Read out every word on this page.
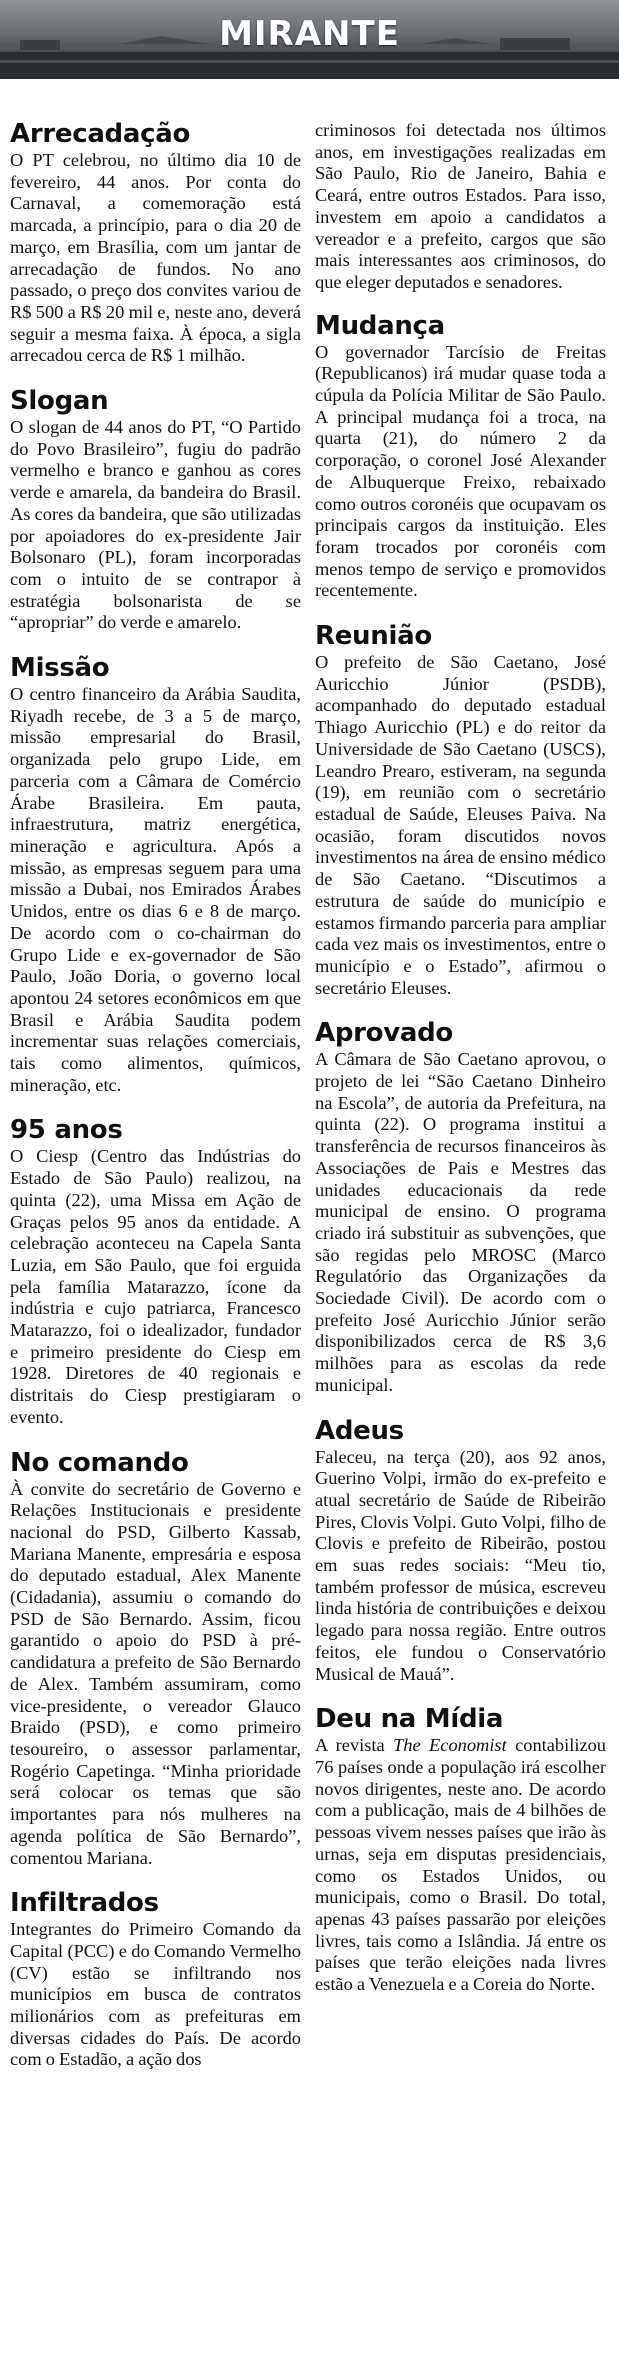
MIRANTE
Arrecadação

O PT celebrou, no último dia 10 de fevereiro, 44 anos. Por conta do Carnaval, a comemoração está marcada, a princípio, para o dia 20 de março, em Brasília, com um jantar de arrecadação de fundos. No ano passado, o preço dos convites variou de R$ 500 a R$ 20 mil e, neste ano, deverá seguir a mesma faixa. À época, a sigla arrecadou cerca de R$ 1 milhão.

Slogan

O slogan de 44 anos do PT, “O Partido do Povo Brasileiro”, fugiu do padrão vermelho e branco e ganhou as cores verde e amarela, da bandeira do Brasil. As cores da bandeira, que são utilizadas por apoiadores do ex-presidente Jair Bolsonaro (PL), foram incorporadas com o intuito de se contrapor à estratégia bolsonarista de se “apropriar” do verde e amarelo.

Missão

O centro financeiro da Arábia Saudita, Riyadh recebe, de 3 a 5 de março, missão empresarial do Brasil, organizada pelo grupo Lide, em parceria com a Câmara de Comércio Árabe Brasileira. Em pauta, infraestrutura, matriz energética, mineração e agricultura. Após a missão, as empresas seguem para uma missão a Dubai, nos Emirados Árabes Unidos, entre os dias 6 e 8 de março. De acordo com o co-chairman do Grupo Lide e ex-governador de São Paulo, João Doria, o governo local apontou 24 setores econômicos em que Brasil e Arábia Saudita podem incrementar suas relações comerciais, tais como alimentos, químicos, mineração, etc.

95 anos

O Ciesp (Centro das Indústrias do Estado de São Paulo) realizou, na quinta (22), uma Missa em Ação de Graças pelos 95 anos da entidade. A celebração aconteceu na Capela Santa Luzia, em São Paulo, que foi erguida pela família Matarazzo, ícone da indústria e cujo patriarca, Francesco Matarazzo, foi o idealizador, fundador e primeiro presidente do Ciesp em 1928. Diretores de 40 regionais e distritais do Ciesp prestigiaram o evento.

No comando

À convite do secretário de Governo e Relações Institucionais e presidente nacional do PSD, Gilberto Kassab, Mariana Manente, empresária e esposa do deputado estadual, Alex Manente (Cidadania), assumiu o comando do PSD de São Bernardo. Assim, ficou garantido o apoio do PSD à pré-candidatura a prefeito de São Bernardo de Alex. Também assumiram, como vice-presidente, o vereador Glauco Braido (PSD), e como primeiro tesoureiro, o assessor parlamentar, Rogério Capetinga. “Minha prioridade será colocar os temas que são importantes para nós mulheres na agenda política de São Bernardo”, comentou Mariana.

Infiltrados

Integrantes do Primeiro Comando da Capital (PCC) e do Comando Vermelho (CV) estão se infiltrando nos municípios em busca de contratos milionários com as prefeituras em diversas cidades do País. De acordo com o Estadão, a ação dos

criminosos foi detectada nos últimos anos, em investigações realizadas em São Paulo, Rio de Janeiro, Bahia e Ceará, entre outros Estados. Para isso, investem em apoio a candidatos a vereador e a prefeito, cargos que são mais interessantes aos criminosos, do que eleger deputados e senadores.

Mudança

O governador Tarcísio de Freitas (Republicanos) irá mudar quase toda a cúpula da Polícia Militar de São Paulo. A principal mudança foi a troca, na quarta (21), do número 2 da corporação, o coronel José Alexander de Albuquerque Freixo, rebaixado como outros coronéis que ocupavam os principais cargos da instituição. Eles foram trocados por coronéis com menos tempo de serviço e promovidos recentemente.

Reunião

O prefeito de São Caetano, José Auricchio Júnior (PSDB), acompanhado do deputado estadual Thiago Auricchio (PL) e do reitor da Universidade de São Caetano (USCS), Leandro Prearo, estiveram, na segunda (19), em reunião com o secretário estadual de Saúde, Eleuses Paiva. Na ocasião, foram discutidos novos investimentos na área de ensino médico de São Caetano. “Discutimos a estrutura de saúde do município e estamos firmando parceria para ampliar cada vez mais os investimentos, entre o município e o Estado”, afirmou o secretário Eleuses.

Aprovado

A Câmara de São Caetano aprovou, o projeto de lei “São Caetano Dinheiro na Escola”, de autoria da Prefeitura, na quinta (22). O programa institui a transferência de recursos financeiros às Associações de Pais e Mestres das unidades educacionais da rede municipal de ensino. O programa criado irá substituir as subvenções, que são regidas pelo MROSC (Marco Regulatório das Organizações da Sociedade Civil). De acordo com o prefeito José Auricchio Júnior serão disponibilizados cerca de R$ 3,6 milhões para as escolas da rede municipal.

Adeus

Faleceu, na terça (20), aos 92 anos, Guerino Volpi, irmão do ex-prefeito e atual secretário de Saúde de Ribeirão Pires, Clovis Volpi. Guto Volpi, filho de Clovis e prefeito de Ribeirão, postou em suas redes sociais: “Meu tio, também professor de música, escreveu linda história de contribuições e deixou legado para nossa região. Entre outros feitos, ele fundou o Conservatório Musical de Mauá”.

Deu na Mídia

A revista The Economist contabilizou 76 países onde a população irá escolher novos dirigentes, neste ano. De acordo com a publicação, mais de 4 bilhões de pessoas vivem nesses países que irão às urnas, seja em disputas presidenciais, como os Estados Unidos, ou municipais, como o Brasil. Do total, apenas 43 países passarão por eleições livres, tais como a Islândia. Já entre os países que terão eleições nada livres estão a Venezuela e a Coreia do Norte.
